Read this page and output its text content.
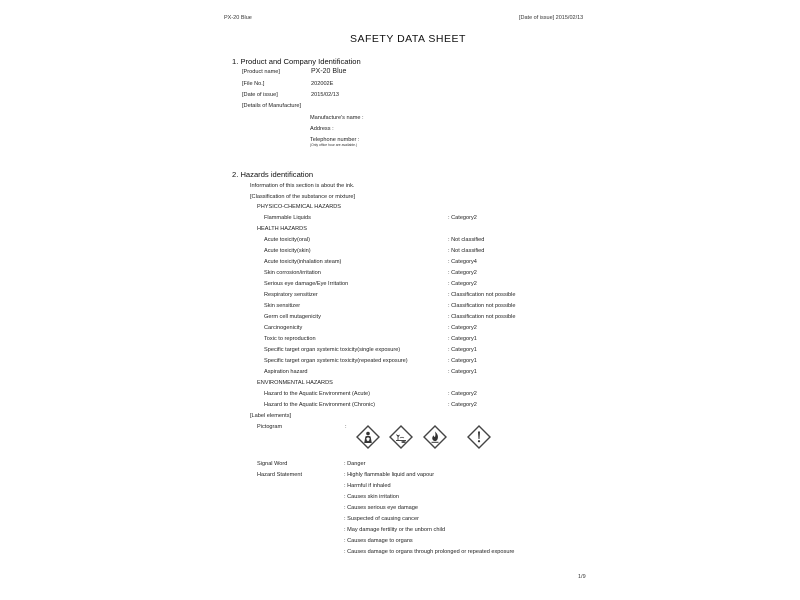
PX-20 Blue	[Date of issue] 2015/02/13
SAFETY DATA SHEET
1. Product and Company Identification
[Product name]	PX-20 Blue
[File No.]	202002E
[Date of issue]	2015/02/13
[Details of Manufacture]
Manufacture's name :
Address :
Telephone number :
(Only office hour are available.)
2. Hazards identification
Information of this section is about the ink.
[Classification of the substance or mixture]
PHYSICO-CHEMICAL HAZARDS
Flammable Liquids	: Category2
HEALTH HAZARDS
Acute toxicity(oral)	: Not classified
Acute toxicity(skin)	: Not classified
Acute toxicity(inhalation steam)	: Category4
Skin corrosion/irritation	: Category2
Serious eye damage/Eye Irritation	: Category2
Respiratory sensitizer	: Classification not possible
Skin sensitizer	: Classification not possible
Germ cell mutagenicity	: Classification not possible
Carcinogenicity	: Category2
Toxic to reproduction	: Category1
Specific target organ systemic toxicity(single exposure)	: Category1
Specific target organ systemic toxicity(repeated exposure)	: Category1
Aspiration hazard	: Category1
ENVIRONMENTAL HAZARDS
Hazard to the Aquatic Environment (Acute)	: Category2
Hazard to the Aquatic Environment (Chronic)	: Category2
[Label elements]
Pictogram	:
Signal Word	: Danger
Hazard Statement	: Highly flammable liquid and vapour
: Harmful if inhaled
: Causes skin irritation
: Causes serious eye damage
: Suspected of causing cancer
: May damage fertility or the unborn child
: Causes damage to organs
: Causes damage to organs through prolonged or repeated exposure
1/9
